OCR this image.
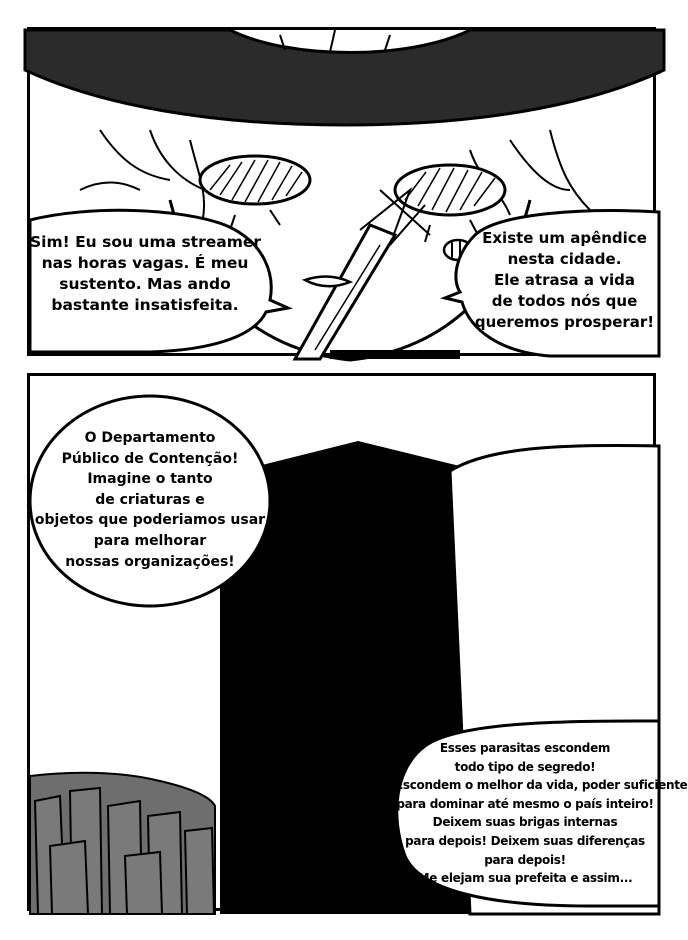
Sim! Eu sou uma streamer
nas horas vagas. É meu
sustento. Mas ando
bastante insatisfeita.
Existe um apêndice
nesta cidade.
Ele atrasa a vida
de todos nós que
queremos prosperar!
O Departamento
Público de Contenção!
Imagine o tanto
de criaturas e
objetos que poderiamos usar
para melhorar
nossas organizações!
Esses parasitas escondem
todo tipo de segredo!
Escondem o melhor da vida, poder suficiente
para dominar até mesmo o país inteiro!
Deixem suas brigas internas
para depois! Deixem suas diferenças
para depois!
Me elejam sua prefeita e assim...
